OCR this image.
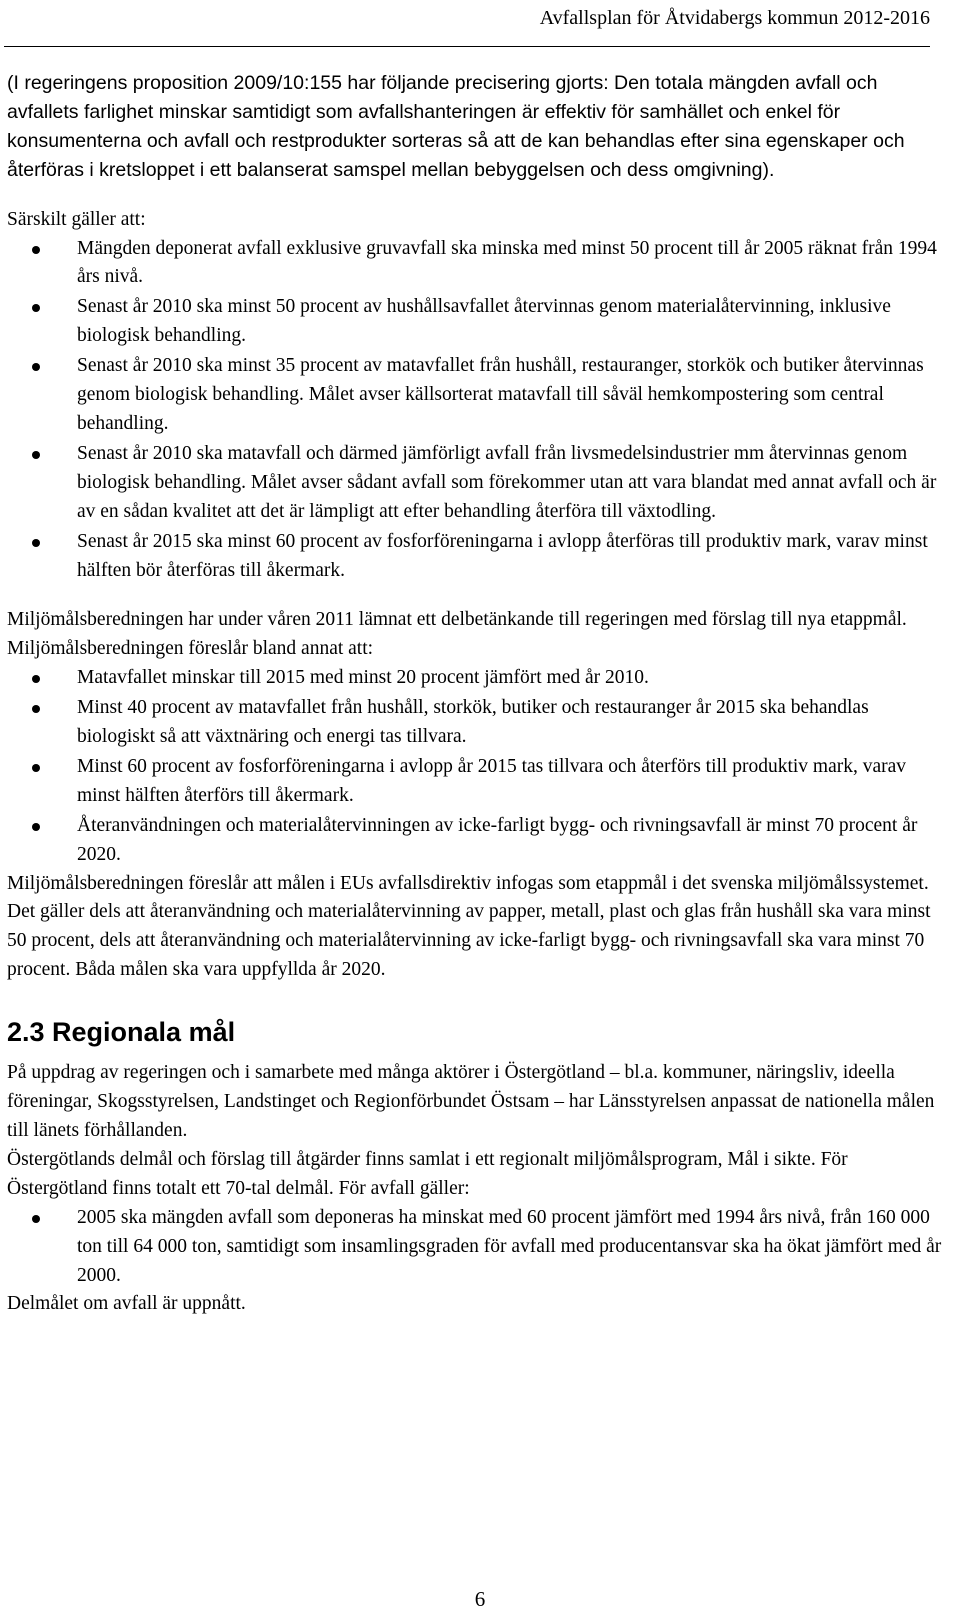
Avfallsplan för Åtvidabergs kommun 2012-2016

(I regeringens proposition 2009/10:155 har följande precisering gjorts: Den totala mängden avfall och avfallets farlighet minskar samtidigt som avfallshanteringen är effektiv för samhället och enkel för konsumenterna och avfall och restprodukter sorteras så att de kan behandlas efter sina egenskaper och återföras i kretsloppet i ett balanserat samspel mellan bebyggelsen och dess omgivning).

Särskilt gäller att:

Mängden deponerat avfall exklusive gruvavfall ska minska med minst 50 procent till år 2005 räknat från 1994 års nivå.
Senast år 2010 ska minst 50 procent av hushållsavfallet återvinnas genom materialåtervinning, inklusive biologisk behandling.
Senast år 2010 ska minst 35 procent av matavfallet från hushåll, restauranger, storkök och butiker återvinnas genom biologisk behandling. Målet avser källsorterat matavfall till såväl hemkompostering som central behandling.
Senast år 2010 ska matavfall och därmed jämförligt avfall från livsmedelsindustrier mm återvinnas genom biologisk behandling. Målet avser sådant avfall som förekommer utan att vara blandat med annat avfall och är av en sådan kvalitet att det är lämpligt att efter behandling återföra till växtodling.
Senast år 2015 ska minst 60 procent av fosforföreningarna i avlopp återföras till produktiv mark, varav minst hälften bör återföras till åkermark.

Miljömålsberedningen har under våren 2011 lämnat ett delbetänkande till regeringen med förslag till nya etappmål. Miljömålsberedningen föreslår bland annat att:

Matavfallet minskar till 2015 med minst 20 procent jämfört med år 2010.
Minst 40 procent av matavfallet från hushåll, storkök, butiker och restauranger år 2015 ska behandlas biologiskt så att växtnäring och energi tas tillvara.
Minst 60 procent av fosforföreningarna i avlopp år 2015 tas tillvara och återförs till produktiv mark, varav minst hälften återförs till åkermark.
Återanvändningen och materialåtervinningen av icke-farligt bygg- och rivningsavfall är minst 70 procent år 2020.

Miljömålsberedningen föreslår att målen i EUs avfallsdirektiv infogas som etappmål i det svenska miljömålssystemet. Det gäller dels att återanvändning och materialåtervinning av papper, metall, plast och glas från hushåll ska vara minst 50 procent, dels att återanvändning och materialåtervinning av icke-farligt bygg- och rivningsavfall ska vara minst 70 procent. Båda målen ska vara uppfyllda år 2020.

2.3 Regionala mål

På uppdrag av regeringen och i samarbete med många aktörer i Östergötland – bl.a. kommuner, näringsliv, ideella föreningar, Skogsstyrelsen, Landstinget och Regionförbundet Östsam – har Länsstyrelsen anpassat de nationella målen till länets förhållanden.

Östergötlands delmål och förslag till åtgärder finns samlat i ett regionalt miljömålsprogram, Mål i sikte. För Östergötland finns totalt ett 70-tal delmål. För avfall gäller:

2005 ska mängden avfall som deponeras ha minskat med 60 procent jämfört med 1994 års nivå, från 160 000 ton till 64 000 ton, samtidigt som insamlingsgraden för avfall med producentansvar ska ha ökat jämfört med år 2000.

Delmålet om avfall är uppnått.

6
